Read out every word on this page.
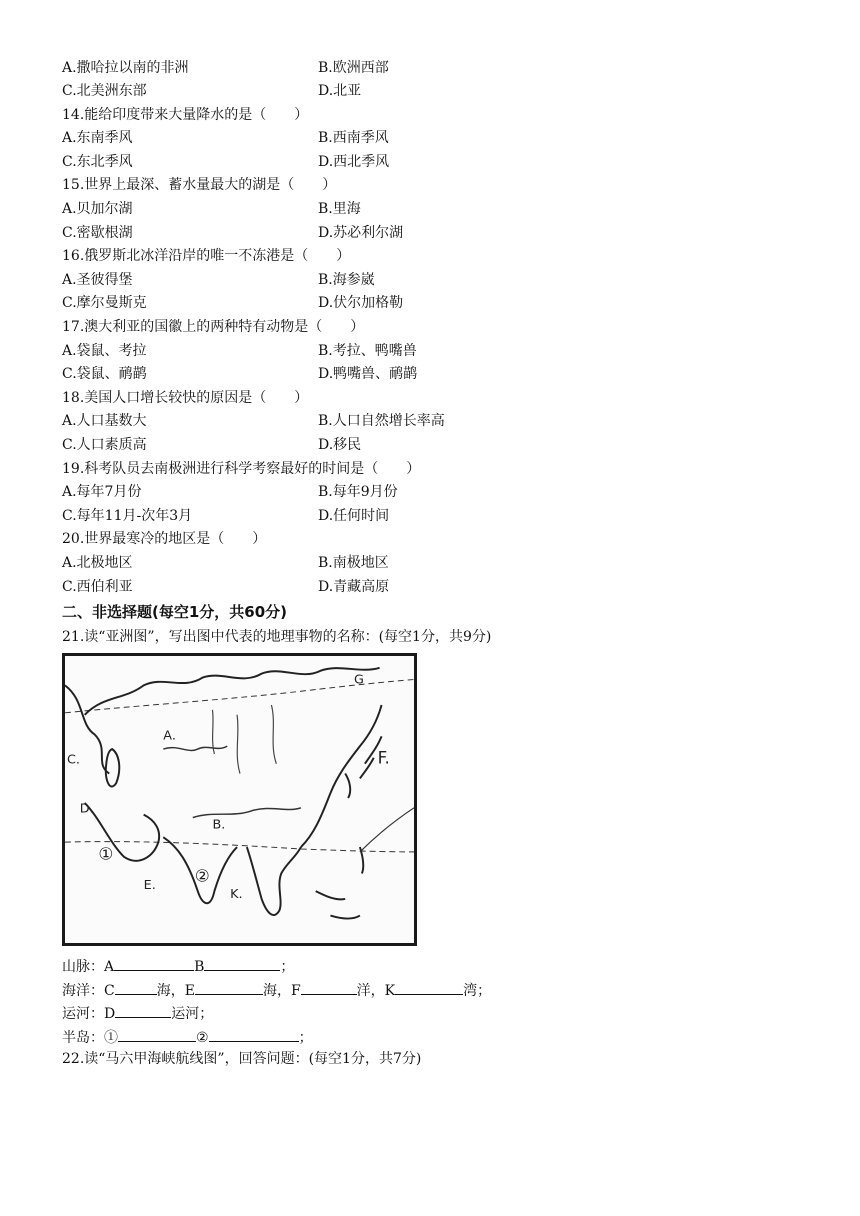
A.撒哈拉以南的非洲	B.欧洲西部
C.北美洲东部	D.北亚
14.能给印度带来大量降水的是（　　）
A.东南季风	B.西南季风
C.东北季风	D.西北季风
15.世界上最深、蓄水量最大的湖是（　　）
A.贝加尔湖	B.里海
C.密歇根湖	D.苏必利尔湖
16.俄罗斯北冰洋沿岸的唯一不冻港是（　　）
A.圣彼得堡	B.海参崴
C.摩尔曼斯克	D.伏尔加格勒
17.澳大利亚的国徽上的两种特有动物是（　　）
A.袋鼠、考拉	B.考拉、鸭嘴兽
C.袋鼠、鸸鹋	D.鸭嘴兽、鸸鹋
18.美国人口增长较快的原因是（　　）
A.人口基数大	B.人口自然增长率高
C.人口素质高	D.移民
19.科考队员去南极洲进行科学考察最好的时间是（　　）
A.每年7月份	B.每年9月份
C.每年11月-次年3月	D.任何时间
20.世界最寒冷的地区是（　　）
A.北极地区	B.南极地区
C.西伯利亚	D.青藏高原
二、非选择题(每空1分，共60分)
21.读“亚洲图”，写出图中代表的地理事物的名称：(每空1分，共9分)
A.
B.
C.
D.
E.
F.
K.
G
①
②
山脉：A	B	；
海洋：C	海，E	海，F	洋，K	湾；
运河：D	运河；
半岛：①	②	；
22.读“马六甲海峡航线图”，回答问题：(每空1分，共7分)
